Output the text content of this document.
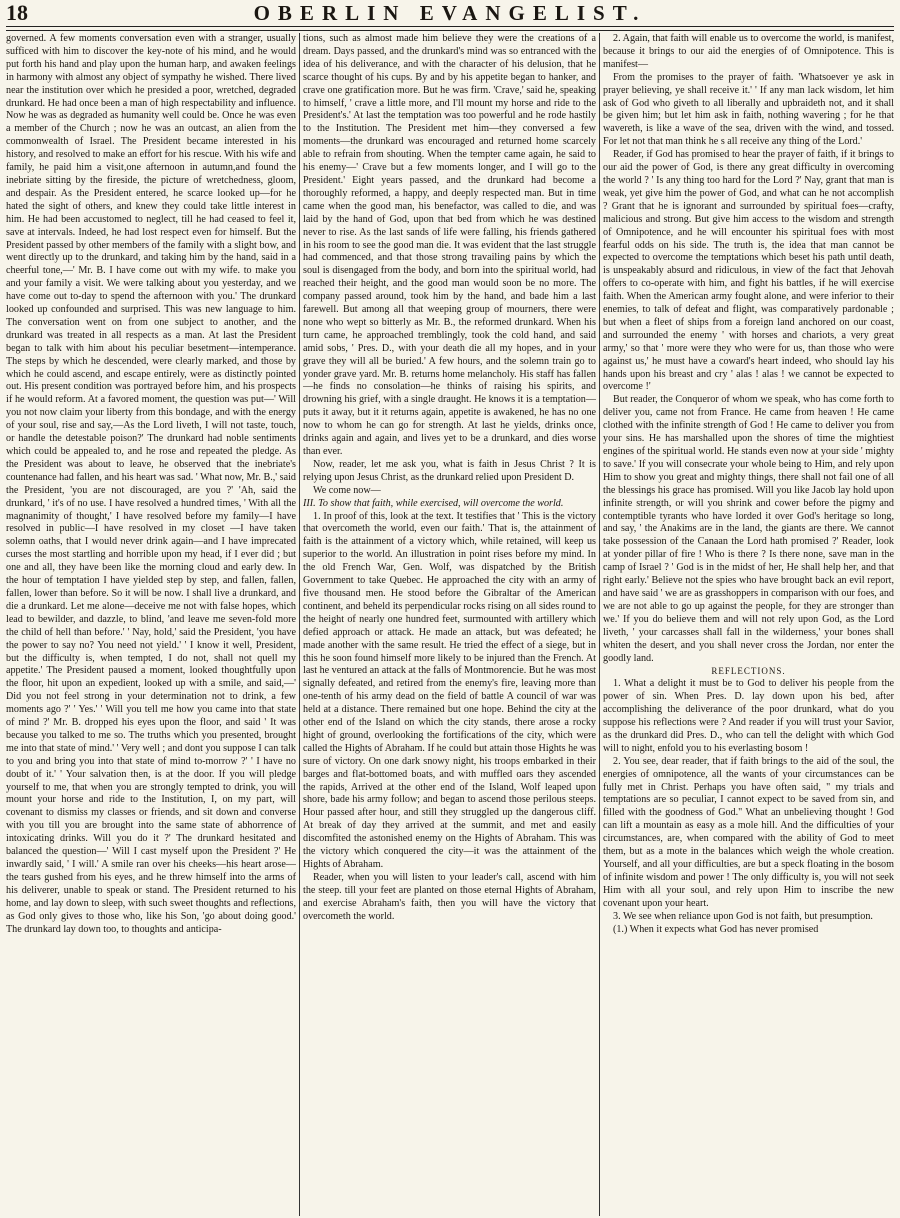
18	OBERLIN EVANGELIST.

governed. A few moments conversation even with a stranger, usually sufficed with him to discover the key-note of his mind, and he would put forth his hand and play upon the human harp, and awaken feelings in harmony with almost any object of sympathy he wished. There lived near the institution over which he presided a poor, wretched, degraded drunkard. He had once been a man of high respectability and influence. Now he was as degraded as humanity well could be. Once he was even a member of the Church ; now he was an outcast, an alien from the commonwealth of Israel. The President became interested in his history, and resolved to make an effort for his rescue. With his wife and family, he paid him a visit,one afternoon in autumn,and found the inebriate sitting by the fireside, the picture of wretchedness, gloom, and despair. As the President entered, he scarce looked up—for he hated the sight of others, and knew they could take little interest in him. He had been accustomed to neglect, till he had ceased to feel it, save at intervals. Indeed, he had lost respect even for himself. But the President passed by other members of the family with a slight bow, and went directly up to the drunkard, and taking him by the hand, said in a cheerful tone,—' Mr. B. I have come out with my wife. to make you and your family a visit. We were talking about you yesterday, and we have come out to-day to spend the afternoon with you.' The drunkard looked up confounded and surprised. This was new language to him. The conversation went on from one subject to another, and the drunkard was treated in all respects as a man. At last the President began to talk with him about his peculiar besetment—intemperance. The steps by which he descended, were clearly marked, and those by which he could ascend, and escape entirely, were as distinctly pointed out. His present condition was portrayed before him, and his prospects if he would reform. At a favored moment, the question was put—' Will you not now claim your liberty from this bondage, and with the energy of your soul, rise and say,—As the Lord liveth, I will not taste, touch, or handle the detestable poison?' The drunkard had noble sentiments which could be appealed to, and he rose and repeated the pledge. As the President was about to leave, he observed that the inebriate's countenance had fallen, and his heart was sad. ' What now, Mr. B.,' said the President, 'you are not discouraged, are you ?' 'Ah, said the drunkard, ' it's of no use. I have resolved a hundred times, ' With all the magnanimity of thought,' I have resolved before my family—I have resolved in public—I have resolved in my closet —I have taken solemn oaths, that I would never drink again—and I have imprecated curses the most startling and horrible upon my head, if I ever did ; but one and all, they have been like the morning cloud and early dew. In the hour of temptation I have yielded step by step, and fallen, fallen, fallen, lower than before. So it will be now. I shall live a drunkard, and die a drunkard. Let me alone—deceive me not with false hopes, which lead to bewilder, and dazzle, to blind, 'and leave me seven-fold more the child of hell than before.' ' Nay, hold,' said the President, 'you have the power to say no? You need not yield.' ' I know it well, President, but the difficulty is, when tempted, I do not, shall not quell my appetite.' The President paused a moment, looked thoughtfully upon the floor, hit upon an expedient, looked up with a smile, and said,—' Did you not feel strong in your determination not to drink, a few moments ago ?' ' Yes.' ' Will you tell me how you came into that state of mind ?' Mr. B. dropped his eyes upon the floor, and said ' It was because you talked to me so. The truths which you presented, brought me into that state of mind.' ' Very well ; and dont you suppose I can talk to you and bring you into that state of mind to-morrow ?' ' I have no doubt of it.' ' Your salvation then, is at the door. If you will pledge yourself to me, that when you are strongly tempted to drink, you will mount your horse and ride to the Institution, I, on my part, will covenant to dismiss my classes or friends, and sit down and converse with you till you are brought into the same state of abhorrence of intoxicating drinks. Will you do it ?' The drunkard hesitated and balanced the question—' Will I cast myself upon the President ?' He inwardly said, ' I will.' A smile ran over his cheeks—his heart arose—the tears gushed from his eyes, and he threw himself into the arms of his deliverer, unable to speak or stand. The President returned to his home, and lay down to sleep, with such sweet thoughts and reflections, as God only gives to those who, like his Son, 'go about doing good.' The drunkard lay down too, to thoughts and anticipa-

tions, such as almost made him believe they were the creations of a dream. Days passed, and the drunkard's mind was so entranced with the idea of his deliverance, and with the character of his delusion, that he scarce thought of his cups. By and by his appetite began to hanker, and crave one gratification more. But he was firm. 'Crave,' said he, speaking to himself, ' crave a little more, and I'll mount my horse and ride to the President's.' At last the temptation was too powerful and he rode hastily to the Institution. The President met him—they conversed a few moments—the drunkard was encouraged and returned home scarcely able to refrain from shouting. When the tempter came again, he said to his enemy—' Crave but a few moments longer, and I will go to the President.' Eight years passed, and the drunkard had become a thoroughly reformed, a happy, and deeply respected man. But in time came when the good man, his benefactor, was called to die, and was laid by the hand of God, upon that bed from which he was destined never to rise. As the last sands of life were falling, his friends gathered in his room to see the good man die. It was evident that the last struggle had commenced, and that those strong travailing pains by which the soul is disengaged from the body, and born into the spiritual world, had reached their height, and the good man would soon be no more. The company passed around, took him by the hand, and bade him a last farewell. But among all that weeping group of mourners, there were none who wept so bitterly as Mr. B., the reformed drunkard. When his turn came, he approached tremblingly, took the cold hand, and said amid sobs, ' Pres. D., with your death die all my hopes, and in your grave they will all be buried.' A few hours, and the solemn train go to yonder grave yard. Mr. B. returns home melancholy. His staff has fallen—he finds no consolation—he thinks of raising his spirits, and drowning his grief, with a single draught. He knows it is a temptation—puts it away, but it it returns again, appetite is awakened, he has no one now to whom he can go for strength. At last he yields, drinks once, drinks again and again, and lives yet to be a drunkard, and dies worse than ever.

Now, reader, let me ask you, what is faith in Jesus Christ ? It is relying upon Jesus Christ, as the drunkard relied upon President D.

We come now—

III. To show that faith, while exercised, will overcome the world.

1. In proof of this, look at the text. It testifies that ' This is the victory that overcometh the world, even our faith.' That is, the attainment of faith is the attainment of a victory which, while retained, will keep us superior to the world. An illustration in point rises before my mind. In the old French War, Gen. Wolf, was dispatched by the British Government to take Quebec. He approached the city with an army of five thousand men. He stood before the Gibraltar of the American continent, and beheld its perpendicular rocks rising on all sides round to the height of nearly one hundred feet, surmounted with artillery which defied approach or attack. He made an attack, but was defeated; he made another with the same result. He tried the effect of a siege, but in this he soon found himself more likely to be injured than the French. At last he ventured an attack at the falls of Montmorencie. But he was most signally defeated, and retired from the enemy's fire, leaving more than one-tenth of his army dead on the field of battle A council of war was held at a distance. There remained but one hope. Behind the city at the other end of the Island on which the city stands, there arose a rocky hight of ground, overlooking the fortifications of the city, which were called the Hights of Abraham. If he could but attain those Hights he was sure of victory. On one dark snowy night, his troops embarked in their barges and flat-bottomed boats, and with muffled oars they ascended the rapids, Arrived at the other end of the Island, Wolf leaped upon shore, bade his army follow; and began to ascend those perilous steeps. Hour passed after hour, and still they struggled up the dangerous cliff. At break of day they arrived at the summit, and met and easily discomfited the astonished enemy on the Hights of Abraham. This was the victory which conquered the city—it was the attainment of the Hights of Abraham.

Reader, when you will listen to your leader's call, ascend with him the steep. till your feet are planted on those eternal Hights of Abraham, and exercise Abraham's faith, then you will have the victory that overcometh the world.

2. Again, that faith will enable us to overcome the world, is manifest, because it brings to our aid the energies of of Omnipotence. This is manifest—

From the promises to the prayer of faith. 'Whatsoever ye ask in prayer believing, ye shall receive it.' ' If any man lack wisdom, let him ask of God who giveth to all liberally and upbraideth not, and it shall be given him; but let him ask in faith, nothing wavering ; for he that wavereth, is like a wave of the sea, driven with the wind, and tossed. For let not that man think he s all receive any thing of the Lord.'

Reader, if God has promised to hear the prayer of faith, if it brings to our aid the power of God, is there any great difficulty in overcoming the world ? ' Is any thing too hard for the Lord ?' Nay, grant that man is weak, yet give him the power of God, and what can he not accomplish ? Grant that he is ignorant and surrounded by spiritual foes—crafty, malicious and strong. But give him access to the wisdom and strength of Omnipotence, and he will encounter his spiritual foes with most fearful odds on his side. The truth is, the idea that man cannot be expected to overcome the temptations which beset his path until death, is unspeakably absurd and ridiculous, in view of the fact that Jehovah offers to co-operate with him, and fight his battles, if he will exercise faith. When the American army fought alone, and were inferior to their enemies, to talk of defeat and flight, was comparatively pardonable ; but when a fleet of ships from a foreign land anchored on our coast, and surrounded the enemy ' with horses and chariots, a very great army,' so that ' more were they who were for us, than those who were against us,' he must have a coward's heart indeed, who should lay his hands upon his breast and cry ' alas ! alas ! we cannot be expected to overcome !'

But reader, the Conqueror of whom we speak, who has come forth to deliver you, came not from France. He came from heaven ! He came clothed with the infinite strength of God ! He came to deliver you from your sins. He has marshalled upon the shores of time the mightiest engines of the spiritual world. He stands even now at your side ' mighty to save.' If you will consecrate your whole being to Him, and rely upon Him to show you great and mighty things, there shall not fail one of all the blessings his grace has promised. Will you like Jacob lay hold upon infinite strength, or will you shrink and cower before the pigmy and contemptible tyrants who have lorded it over God's heritage so long, and say, ' the Anakims are in the land, the giants are there. We cannot take possession of the Canaan the Lord hath promised ?' Reader, look at yonder pillar of fire ! Who is there ? Is there none, save man in the camp of Israel ? ' God is in the midst of her, He shall help her, and that right early.' Believe not the spies who have brought back an evil report, and have said ' we are as grasshoppers in comparison with our foes, and we are not able to go up against the people, for they are stronger than we.' If you do believe them and will not rely upon God, as the Lord liveth, ' your carcasses shall fall in the wilderness,' your bones shall whiten the desert, and you shall never cross the Jordan, nor enter the goodly land.

REFLECTIONS.

1. What a delight it must be to God to deliver his people from the power of sin. When Pres. D. lay down upon his bed, after accomplishing the deliverance of the poor drunkard, what do you suppose his reflections were ? And reader if you will trust your Savior, as the drunkard did Pres. D., who can tell the delight with which God will to night, enfold you to his everlasting bosom !

2. You see, dear reader, that if faith brings to the aid of the soul, the energies of omnipotence, all the wants of your circumstances can be fully met in Christ. Perhaps you have often said, " my trials and temptations are so peculiar, I cannot expect to be saved from sin, and filled with the goodness of God." What an unbelieving thought ! God can lift a mountain as easy as a mole hill. And the difficulties of your circumstances, are, when compared with the ability of God to meet them, but as a mote in the balances which weigh the whole creation. Yourself, and all your difficulties, are but a speck floating in the bosom of infinite wisdom and power ! The only difficulty is, you will not seek Him with all your soul, and rely upon Him to inscribe the new covenant upon your heart.

3. We see when reliance upon God is not faith, but presumption.

(1.) When it expects what God has never promised
